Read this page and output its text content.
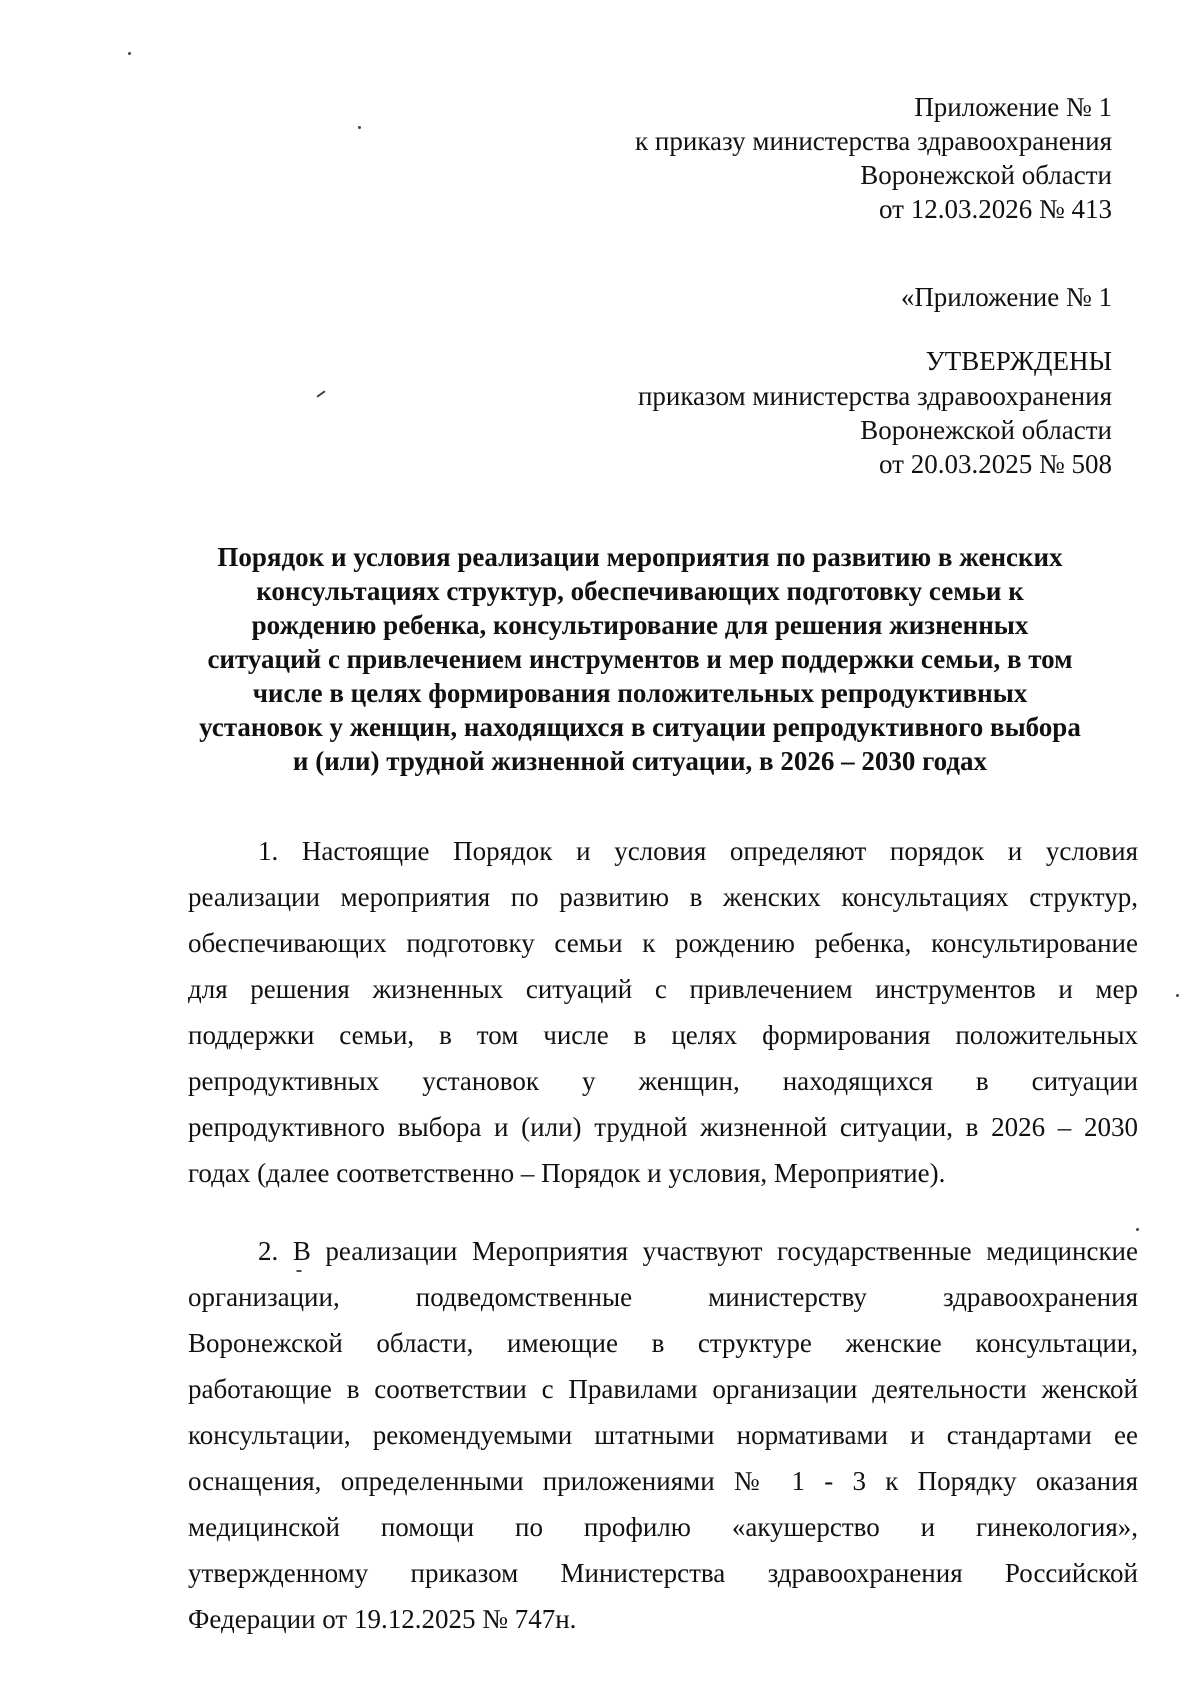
Приложение № 1
к приказу министерства здравоохранения
Воронежской области
от 12.03.2026 № 413
«Приложение № 1
УТВЕРЖДЕНЫ
приказом министерства здравоохранения
Воронежской области
от 20.03.2025 № 508
Порядок и условия реализации мероприятия по развитию в женских
консультациях структур, обеспечивающих подготовку семьи к
рождению ребенка, консультирование для решения жизненных
ситуаций с привлечением инструментов и мер поддержки семьи, в том
числе в целях формирования положительных репродуктивных
установок у женщин, находящихся в ситуации репродуктивного выбора
и (или) трудной жизненной ситуации, в 2026 – 2030 годах
1. Настоящие Порядок и условия определяют порядок и условия
реализации мероприятия по развитию в женских консультациях структур,
обеспечивающих подготовку семьи к рождению ребенка, консультирование
для решения жизненных ситуаций с привлечением инструментов и мер
поддержки семьи, в том числе в целях формирования положительных
репродуктивных установок у женщин, находящихся в ситуации
репродуктивного выбора и (или) трудной жизненной ситуации, в 2026 – 2030
годах (далее соответственно – Порядок и условия, Мероприятие).
2. В реализации Мероприятия участвуют государственные медицинские
организации, подведомственные министерству здравоохранения
Воронежской области, имеющие в структуре женские консультации,
работающие в соответствии с Правилами организации деятельности женской
консультации, рекомендуемыми штатными нормативами и стандартами ее
оснащения, определенными приложениями № 1 - 3 к Порядку оказания
медицинской помощи по профилю «акушерство и гинекология»,
утвержденному приказом Министерства здравоохранения Российской
Федерации от 19.12.2025 № 747н.
